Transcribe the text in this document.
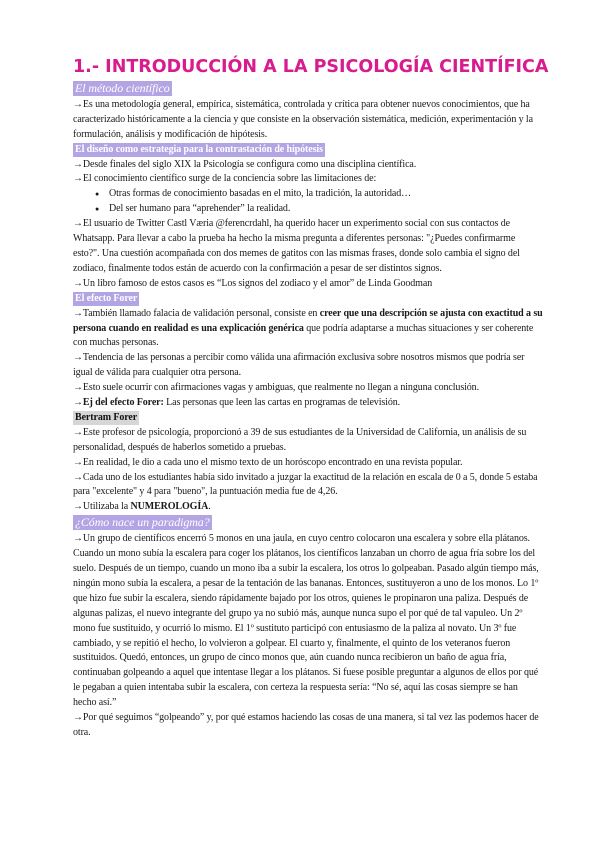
1.- INTRODUCCIÓN A LA PSICOLOGÍA CIENTÍFICA
El método científico

→Es una metodología general, empírica, sistemática, controlada y crítica para obtener nuevos conocimientos, que ha caracterizado históricamente a la ciencia y que consiste en la observación sistemática, medición, experimentación y la formulación, análisis y modificación de hipótesis.

El diseño como estrategia para la contrastación de hipótesis

→Desde finales del siglo XIX la Psicología se configura como una disciplina científica.

→El conocimiento científico surge de la conciencia sobre las limitaciones de:

● Otras formas de conocimiento basadas en el mito, la tradición, la autoridad…
● Del ser humano para “aprehender” la realidad.

→El usuario de Twitter Castl Væria @ferencrdahl, ha querido hacer un experimento social con sus contactos de Whatsapp. Para llevar a cabo la prueba ha hecho la misma pregunta a diferentes personas: "¿Puedes confirmarme esto?". Una cuestión acompañada con dos memes de gatitos con las mismas frases, donde solo cambia el signo del zodiaco, finalmente todos están de acuerdo con la confirmación a pesar de ser distintos signos.

→Un libro famoso de estos casos es “Los signos del zodiaco y el amor” de Linda Goodman

El efecto Forer

→También llamado falacia de validación personal, consiste en creer que una descripción se ajusta con exactitud a su persona cuando en realidad es una explicación genérica que podría adaptarse a muchas situaciones y ser coherente con muchas personas.

→Tendencia de las personas a percibir como válida una afirmación exclusiva sobre nosotros mismos que podría ser igual de válida para cualquier otra persona.

→Esto suele ocurrir con afirmaciones vagas y ambiguas, que realmente no llegan a ninguna conclusión.

→Ej del efecto Forer: Las personas que leen las cartas en programas de televisión.

Bertram Forer

→Este profesor de psicología, proporcionó a 39 de sus estudiantes de la Universidad de California, un análisis de su personalidad, después de haberlos sometido a pruebas.

→En realidad, le dio a cada uno el mismo texto de un horóscopo encontrado en una revista popular.

→Cada uno de los estudiantes había sido invitado a juzgar la exactitud de la relación en escala de 0 a 5, donde 5 estaba para "excelente" y 4 para "bueno", la puntuación media fue de 4,26.

→Utilizaba la NUMEROLOGÍA.

¿Cómo nace un paradigma?

→Un grupo de científicos encerró 5 monos en una jaula, en cuyo centro colocaron una escalera y sobre ella plátanos. Cuando un mono subía la escalera para coger los plátanos, los científicos lanzaban un chorro de agua fría sobre los del suelo. Después de un tiempo, cuando un mono iba a subir la escalera, los otros lo golpeaban. Pasado algún tiempo más, ningún mono subía la escalera, a pesar de la tentación de las bananas. Entonces, sustituyeron a uno de los monos. Lo 1º que hizo fue subir la escalera, siendo rápidamente bajado por los otros, quienes le propinaron una paliza. Después de algunas palizas, el nuevo integrante del grupo ya no subió más, aunque nunca supo el por qué de tal vapuleo. Un 2º mono fue sustituido, y ocurrió lo mismo. El 1º sustituto participó con entusiasmo de la paliza al novato. Un 3º fue cambiado, y se repitió el hecho, lo volvieron a golpear. El cuarto y, finalmente, el quinto de los veteranos fueron sustituidos. Quedó, entonces, un grupo de cinco monos que, aún cuando nunca recibieron un baño de agua fría, continuaban golpeando a aquel que intentase llegar a los plátanos. Si fuese posible preguntar a algunos de ellos por qué le pegaban a quien intentaba subir la escalera, con certeza la respuesta sería: “No sé, aquí las cosas siempre se han hecho así.”

→Por qué seguimos “golpeando” y, por qué estamos haciendo las cosas de una manera, si tal vez las podemos hacer de otra.
